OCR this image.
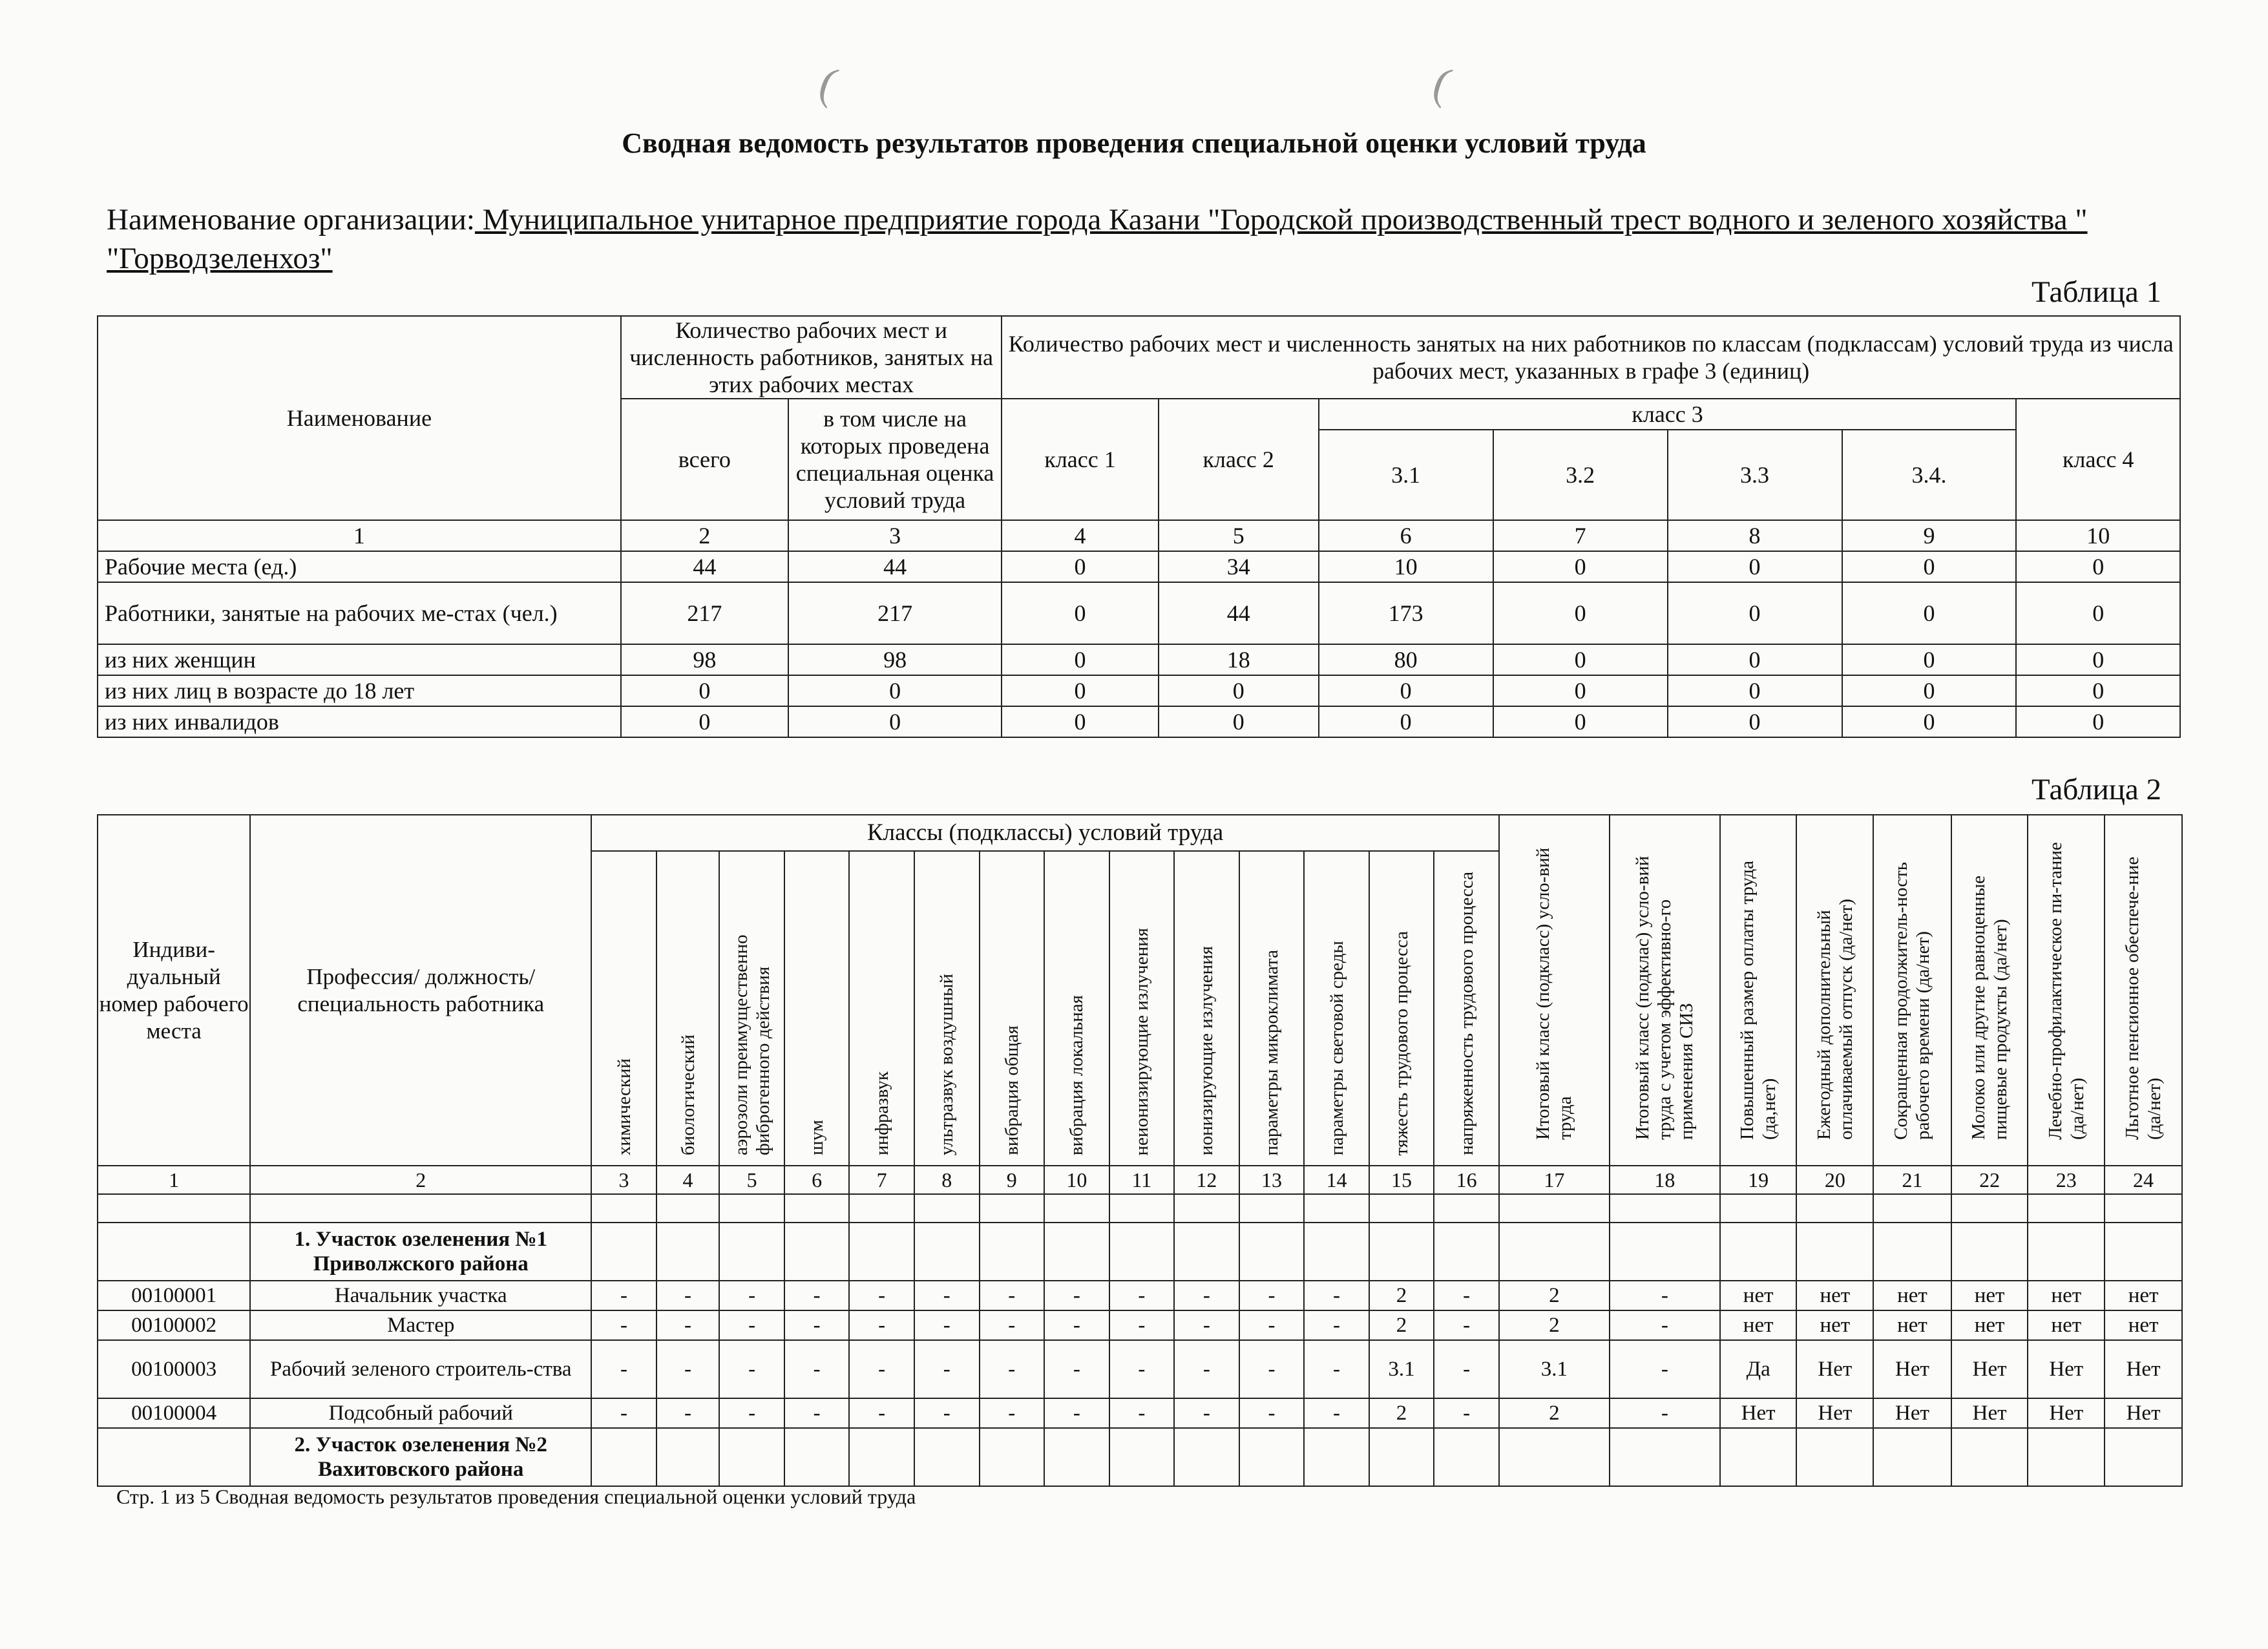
(	(
Сводная ведомость результатов проведения специальной оценки условий труда
Наименование организации: Муниципальное унитарное предприятие города Казани "Городской производственный трест водного и зеленого хозяйства " "Горводзеленхоз"
Таблица 1
Наименование	Количество рабочих мест и численность работников, занятых на этих рабочих местах		Количество рабочих мест и численность занятых на них работников по классам (подклассам) условий труда из числа рабочих мест, указанных в графе 3 (единиц)						
	всего	в том числе на которых проведена специальная оценка условий труда	класс 1	класс 2	класс 3				класс 4
					3.1	3.2	3.3	3.4.	
1	2	3	4	5	6	7	8	9	10
Рабочие места (ед.)	44	44	0	34	10	0	0	0	0
Работники, занятые на рабочих ме-стах (чел.)	217	217	0	44	173	0	0	0	0
из них женщин	98	98	0	18	80	0	0	0	0
из них лиц в возрасте до 18 лет	0	0	0	0	0	0	0	0	0
из них инвалидов	0	0	0	0	0	0	0	0	0
Таблица 2
Индиви-дуальный номер рабочего места	Профессия/ должность/ специальность работника	Классы (подклассы) условий труда														Итоговый класс (подкласс) усло-вий труда	Итоговый класс (подклас) усло-вий труда с учетом эффективно-го применения СИЗ	Повышенный размер оплаты труда (да,нет)	Ежегодный дополнительный оплачиваемый отпуск (да/нет)	Сокращенная продолжитель-ность рабочего времени (да/нет)	Молоко или другие равноценные пищевые продукты (да/нет)	Лечебно-профилактическое пи-тание (да/нет)	Льготное пенсионное обеспече-ние (да/нет)
		химический	биологический	аэрозоли преимущественно фиброгенного действия	шум	инфразвук	ультразвук воздушный	вибрация общая	вибрация локальная	неионизирующие излучения	ионизирующие излучения	параметры микроклимата	параметры световой среды	тяжесть трудового процесса	напряженность трудового процесса								
1	2	3	4	5	6	7	8	9	10	11	12	13	14	15	16	17	18	19	20	21	22	23	24

	1. Участок озеленения №1 Приволжского района																						
00100001	Начальник участка	-	-	-	-	-	-	-	-	-	-	-	-	2	-	2	-	нет	нет	нет	нет	нет	нет
00100002	Мастер	-	-	-	-	-	-	-	-	-	-	-	-	2	-	2	-	нет	нет	нет	нет	нет	нет
00100003	Рабочий зеленого строитель-ства	-	-	-	-	-	-	-	-	-	-	-	-	3.1	-	3.1	-	Да	Нет	Нет	Нет	Нет	Нет
00100004	Подсобный рабочий	-	-	-	-	-	-	-	-	-	-	-	-	2	-	2	-	Нет	Нет	Нет	Нет	Нет	Нет
	2. Участок озеленения №2 Вахитовского района																						
Стр. 1 из 5 Сводная ведомость результатов проведения специальной оценки условий труда
